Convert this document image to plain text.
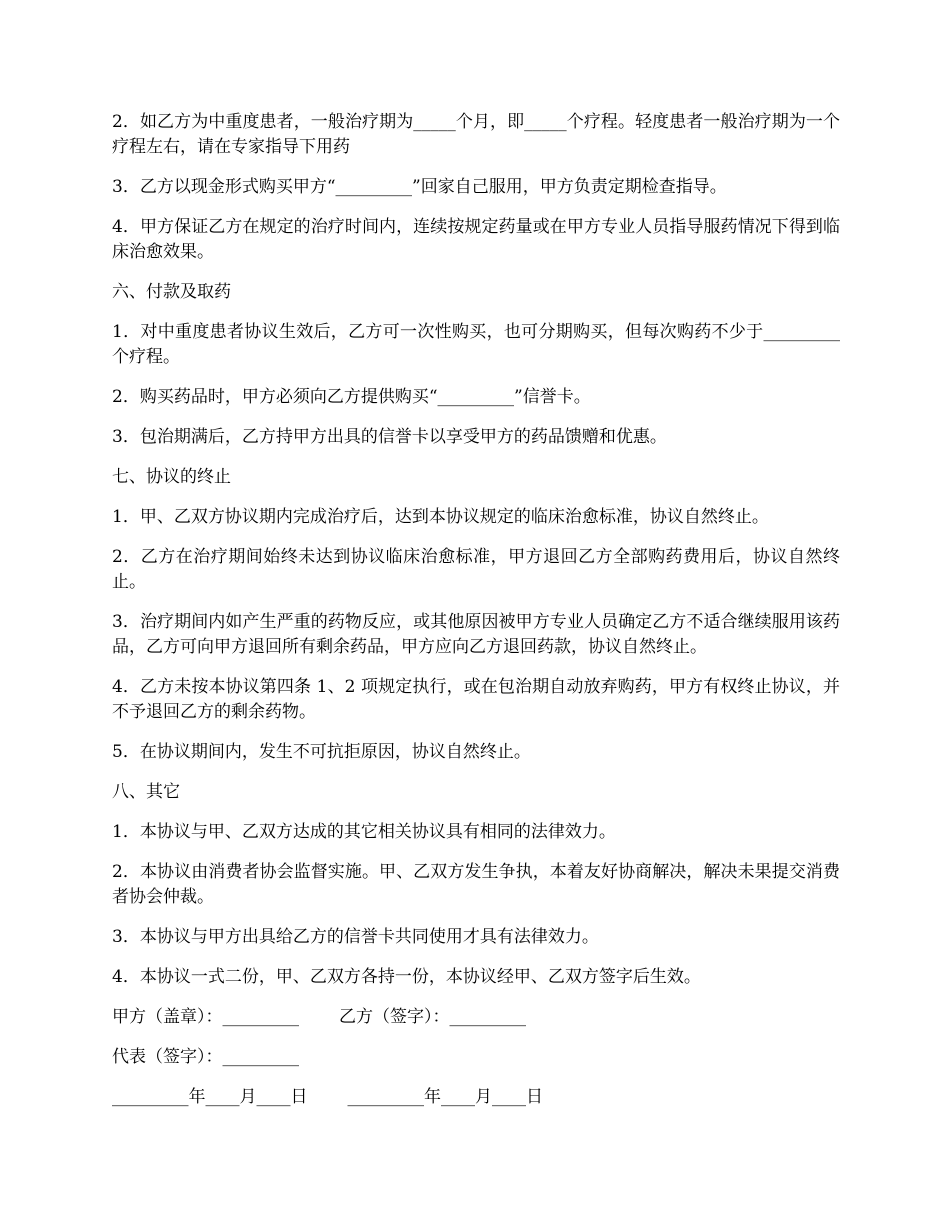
2．如乙方为中重度患者，一般治疗期为_____个月，即_____个疗程。轻度患者一般治疗期为一个疗程左右，请在专家指导下用药

3．乙方以现金形式购买甲方“_________”回家自己服用，甲方负责定期检查指导。

4．甲方保证乙方在规定的治疗时间内，连续按规定药量或在甲方专业人员指导服药情况下得到临床治愈效果。

六、付款及取药

1．对中重度患者协议生效后，乙方可一次性购买，也可分期购买，但每次购药不少于_________个疗程。

2．购买药品时，甲方必须向乙方提供购买“_________”信誉卡。

3．包治期满后，乙方持甲方出具的信誉卡以享受甲方的药品馈赠和优惠。

七、协议的终止

1．甲、乙双方协议期内完成治疗后，达到本协议规定的临床治愈标准，协议自然终止。

2．乙方在治疗期间始终未达到协议临床治愈标准，甲方退回乙方全部购药费用后，协议自然终止。

3．治疗期间内如产生严重的药物反应，或其他原因被甲方专业人员确定乙方不适合继续服用该药品，乙方可向甲方退回所有剩余药品，甲方应向乙方退回药款，协议自然终止。

4．乙方未按本协议第四条 1、2 项规定执行，或在包治期自动放弃购药，甲方有权终止协议，并不予退回乙方的剩余药物。

5．在协议期间内，发生不可抗拒原因，协议自然终止。

八、其它

1．本协议与甲、乙双方达成的其它相关协议具有相同的法律效力。

2．本协议由消费者协会监督实施。甲、乙双方发生争执，本着友好协商解决，解决未果提交消费者协会仲裁。

3．本协议与甲方出具给乙方的信誉卡共同使用才具有法律效力。

4．本协议一式二份，甲、乙双方各持一份，本协议经甲、乙双方签字后生效。

甲方（盖章）：_________ 乙方（签字）：_________
代表（签字）：_________
_________年____月____日 _________年____月____日
